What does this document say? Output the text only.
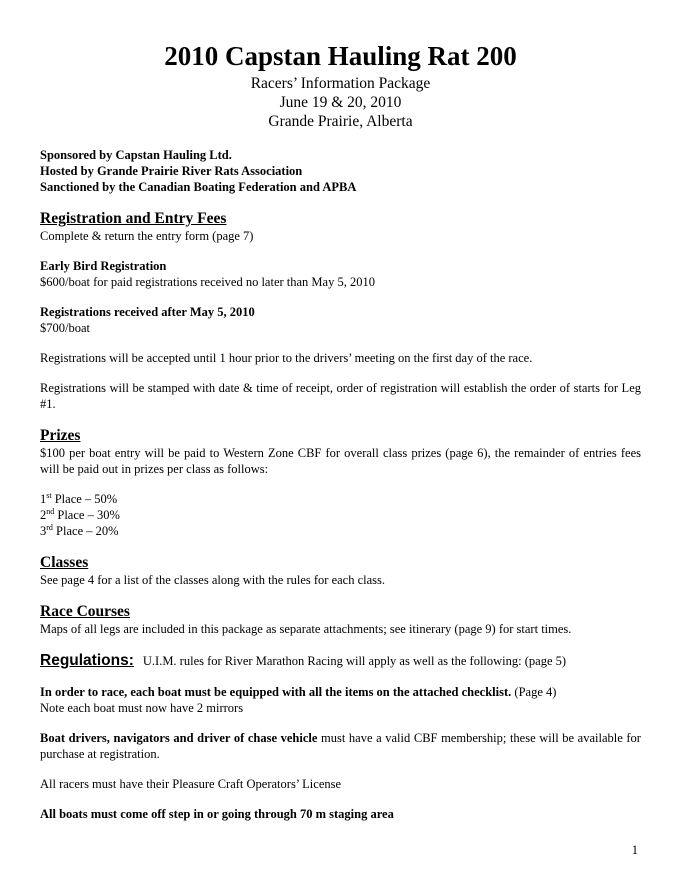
2010 Capstan Hauling Rat 200
Racers’ Information Package
June 19 & 20, 2010
Grande Prairie, Alberta
Sponsored by Capstan Hauling Ltd.
Hosted by Grande Prairie River Rats Association
Sanctioned by the Canadian Boating Federation and APBA
Registration and Entry Fees

Complete & return the entry form (page 7)

Early Bird Registration

$600/boat for paid registrations received no later than May 5, 2010

Registrations received after May 5, 2010

$700/boat

Registrations will be accepted until 1 hour prior to the drivers’ meeting on the first day of the race.

Registrations will be stamped with date & time of receipt, order of registration will establish the order of starts for Leg #1.

Prizes

$100 per boat entry will be paid to Western Zone CBF for overall class prizes (page 6), the remainder of entries fees will be paid out in prizes per class as follows:

1st Place – 50%

2nd Place – 30%

3rd Place – 20%

Classes

See page 4 for a list of the classes along with the rules for each class.

Race Courses

Maps of all legs are included in this package as separate attachments; see itinerary (page 9) for start times.

Regulations: U.I.M. rules for River Marathon Racing will apply as well as the following: (page 5)

In order to race, each boat must be equipped with all the items on the attached checklist. (Page 4)

Note each boat must now have 2 mirrors

Boat drivers, navigators and driver of chase vehicle must have a valid CBF membership; these will be available for purchase at registration.

All racers must have their Pleasure Craft Operators’ License

All boats must come off step in or going through 70 m staging area

1
